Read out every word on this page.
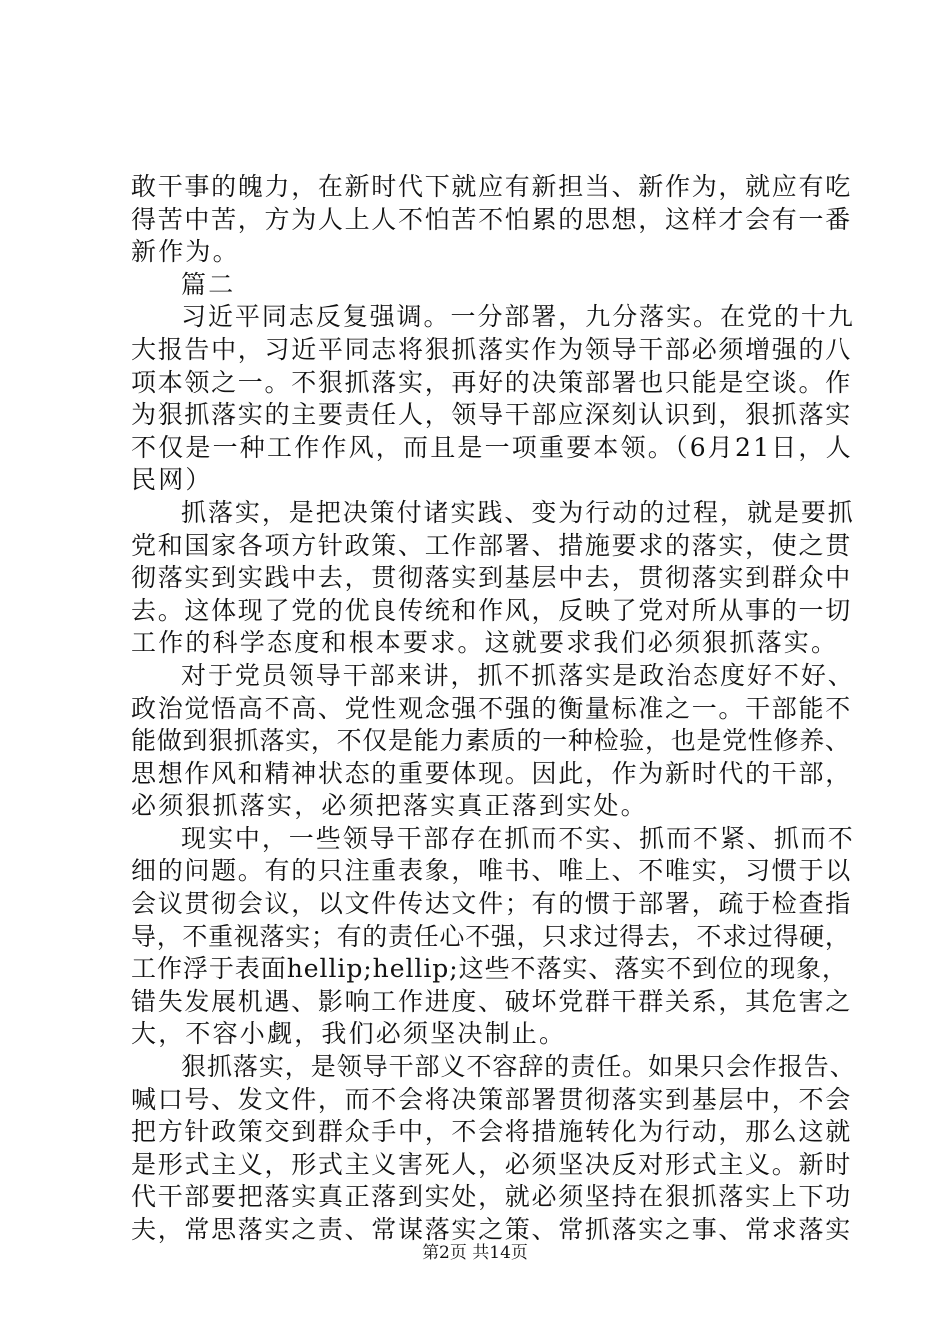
敢干事的魄力，在新时代下就应有新担当、新作为，就应有吃
得苦中苦，方为人上人不怕苦不怕累的思想，这样才会有一番
新作为。
篇二
习近平同志反复强调。一分部署，九分落实。在党的十九
大报告中，习近平同志将狠抓落实作为领导干部必须增强的八
项本领之一。不狠抓落实，再好的决策部署也只能是空谈。作
为狠抓落实的主要责任人，领导干部应深刻认识到，狠抓落实
不仅是一种工作作风，而且是一项重要本领。（6月21日，人
民网）
抓落实，是把决策付诸实践、变为行动的过程，就是要抓
党和国家各项方针政策、工作部署、措施要求的落实，使之贯
彻落实到实践中去，贯彻落实到基层中去，贯彻落实到群众中
去。这体现了党的优良传统和作风，反映了党对所从事的一切
工作的科学态度和根本要求。这就要求我们必须狠抓落实。
对于党员领导干部来讲，抓不抓落实是政治态度好不好、
政治觉悟高不高、党性观念强不强的衡量标准之一。干部能不
能做到狠抓落实，不仅是能力素质的一种检验，也是党性修养、
思想作风和精神状态的重要体现。因此，作为新时代的干部，
必须狠抓落实，必须把落实真正落到实处。
现实中，一些领导干部存在抓而不实、抓而不紧、抓而不
细的问题。有的只注重表象，唯书、唯上、不唯实，习惯于以
会议贯彻会议，以文件传达文件；有的惯于部署，疏于检查指
导，不重视落实；有的责任心不强，只求过得去，不求过得硬，
工作浮于表面hellip;hellip;这些不落实、落实不到位的现象，
错失发展机遇、影响工作进度、破坏党群干群关系，其危害之
大，不容小觑，我们必须坚决制止。
狠抓落实，是领导干部义不容辞的责任。如果只会作报告、
喊口号、发文件，而不会将决策部署贯彻落实到基层中，不会
把方针政策交到群众手中，不会将措施转化为行动，那么这就
是形式主义，形式主义害死人，必须坚决反对形式主义。新时
代干部要把落实真正落到实处，就必须坚持在狠抓落实上下功
夫，常思落实之责、常谋落实之策、常抓落实之事、常求落实
第2页 共14页
